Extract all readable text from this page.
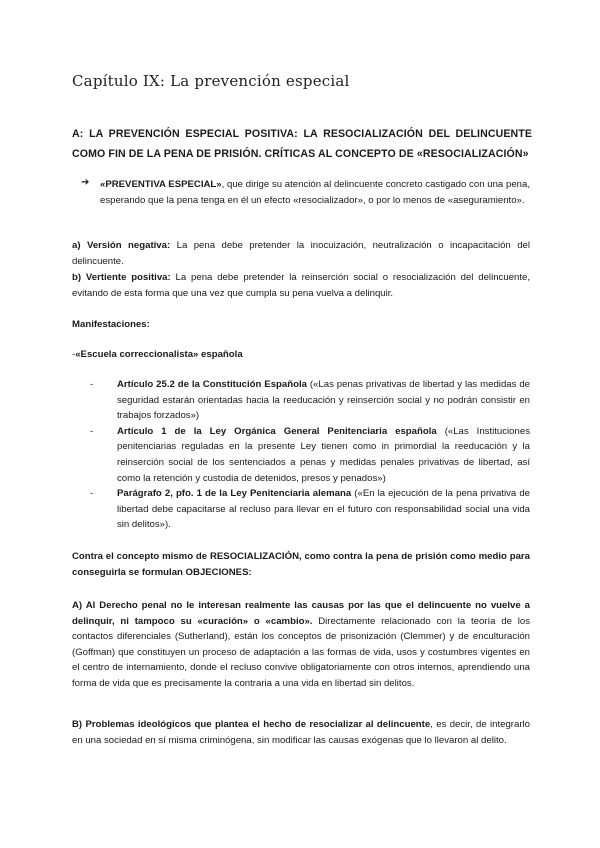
Capítulo IX: La prevención especial
A: LA PREVENCIÓN ESPECIAL POSITIVA: LA RESOCIALIZACIÓN DEL DELINCUENTE COMO FIN DE LA PENA DE PRISIÓN. CRÍTICAS AL CONCEPTO DE «RESOCIALIZACIÓN»
➔ «PREVENTIVA ESPECIAL», que dirige su atención al delincuente concreto castigado con una pena, esperando que la pena tenga en él un efecto «resocializador», o por lo menos de «aseguramiento».

a) Versión negativa: La pena debe pretender la inocuización, neutralización o incapacitación del delincuente.

b) Vertiente positiva: La pena debe pretender la reinserción social o resocialización del delincuente, evitando de esta forma que una vez que cumpla su pena vuelva a delinquir.

Manifestaciones:

-«Escuela correccionalista» española

- Artículo 25.2 de la Constitución Española («Las penas privativas de libertad y las medidas de seguridad estarán orientadas hacia la reeducación y reinserción social y no podrán consistir en trabajos forzados»)

- Artículo 1 de la Ley Orgánica General Penitenciaria española («Las Instituciones penitenciarias reguladas en la presente Ley tienen como in primordial la reeducación y la reinserción social de los sentenciados a penas y medidas penales privativas de libertad, así como la retención y custodia de detenidos, presos y penados»)

- Parágrafo 2, pfo. 1 de la Ley Penitenciaria alemana («En la ejecución de la pena privativa de libertad debe capacitarse al recluso para llevar en el futuro con responsabilidad social una vida sin delitos»).

Contra el concepto mismo de RESOCIALIZACIÓN, como contra la pena de prisión como medio para conseguirla se formulan OBJECIONES:

A) Al Derecho penal no le interesan realmente las causas por las que el delincuente no vuelve a delinquir, ni tampoco su «curación» o «cambio». Directamente relacionado con la teoría de los contactos diferenciales (Sutherland), están los conceptos de prisonización (Clemmer) y de enculturación (Goffman) que constituyen un proceso de adaptación a las formas de vida, usos y costumbres vigentes en el centro de internamiento, donde el recluso convive obligatoriamente con otros internos, aprendiendo una forma de vida que es precisamente la contraria a una vida en libertad sin delitos.

B) Problemas ideológicos que plantea el hecho de resocializar al delincuente, es decir, de integrarlo en una sociedad en sí misma criminógena, sin modificar las causas exógenas que lo llevaron al delito.
